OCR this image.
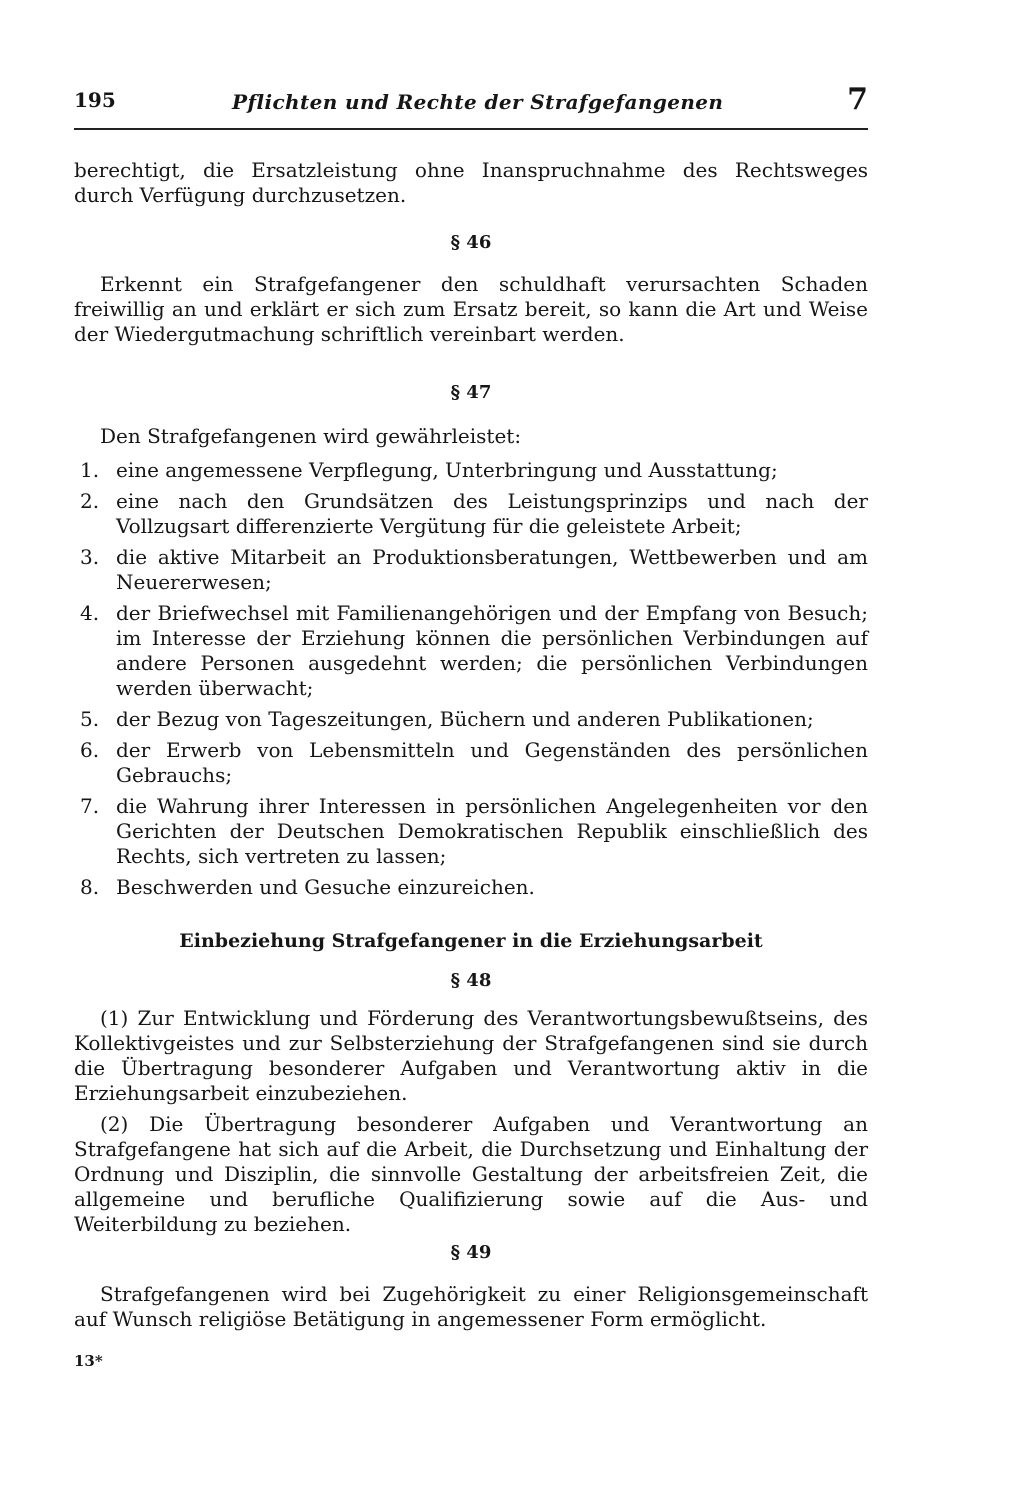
195	Pflichten und Rechte der Strafgefangenen	7

berechtigt, die Ersatzleistung ohne Inanspruchnahme des Rechtsweges durch Verfügung durchzusetzen.

§ 46

Erkennt ein Strafgefangener den schuldhaft verursachten Schaden freiwillig an und erklärt er sich zum Ersatz bereit, so kann die Art und Weise der Wiedergutmachung schriftlich vereinbart werden.

§ 47

Den Strafgefangenen wird gewährleistet:

1. eine angemessene Verpflegung, Unterbringung und Ausstattung;
2. eine nach den Grundsätzen des Leistungsprinzips und nach der Vollzugsart differenzierte Vergütung für die geleistete Arbeit;
3. die aktive Mitarbeit an Produktionsberatungen, Wettbewerben und am Neuererwesen;
4. der Briefwechsel mit Familienangehörigen und der Empfang von Besuch; im Interesse der Erziehung können die persönlichen Verbindungen auf andere Personen ausgedehnt werden; die persönlichen Verbindungen werden überwacht;
5. der Bezug von Tageszeitungen, Büchern und anderen Publikationen;
6. der Erwerb von Lebensmitteln und Gegenständen des persönlichen Gebrauchs;
7. die Wahrung ihrer Interessen in persönlichen Angelegenheiten vor den Gerichten der Deutschen Demokratischen Republik einschließlich des Rechts, sich vertreten zu lassen;
8. Beschwerden und Gesuche einzureichen.
Einbeziehung Strafgefangener in die Erziehungsarbeit
§ 48

(1) Zur Entwicklung und Förderung des Verantwortungsbewußtseins, des Kollektivgeistes und zur Selbsterziehung der Strafgefangenen sind sie durch die Übertragung besonderer Aufgaben und Verantwortung aktiv in die Erziehungsarbeit einzubeziehen.

(2) Die Übertragung besonderer Aufgaben und Verantwortung an Strafgefangene hat sich auf die Arbeit, die Durchsetzung und Einhaltung der Ordnung und Disziplin, die sinnvolle Gestaltung der arbeitsfreien Zeit, die allgemeine und berufliche Qualifizierung sowie auf die Aus- und Weiterbildung zu beziehen.

§ 49

Strafgefangenen wird bei Zugehörigkeit zu einer Religionsgemeinschaft auf Wunsch religiöse Betätigung in angemessener Form ermöglicht.

13*
